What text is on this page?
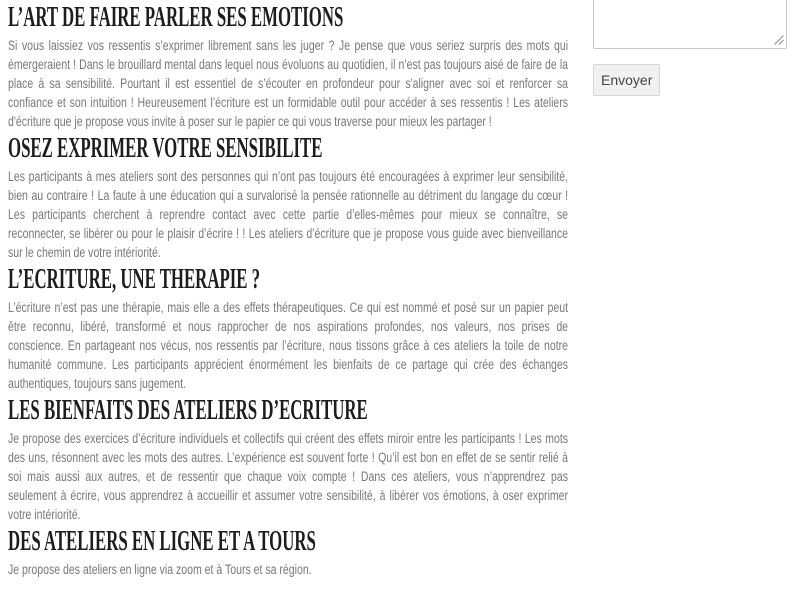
L’ART DE FAIRE PARLER SES EMOTIONS

Si vous laissiez vos ressentis s’exprimer librement sans les juger ? Je pense que vous seriez surpris des mots qui émergeraient ! Dans le brouillard mental dans lequel nous évoluons au quotidien, il n’est pas toujours aisé de faire de la place à sa sensibilité. Pourtant il est essentiel de s’écouter en profondeur pour s'aligner avec soi et renforcer sa confiance et son intuition ! Heureusement l’écriture est un formidable outil pour accéder à ses ressentis ! Les ateliers d'écriture que je propose vous invite à poser sur le papier ce qui vous traverse pour mieux les partager !

OSEZ EXPRIMER VOTRE SENSIBILITE

Les participants à mes ateliers sont des personnes qui n’ont pas toujours été encouragées à exprimer leur sensibilité, bien au contraire ! La faute à une éducation qui a survalorisé la pensée rationnelle au détriment du langage du cœur ! Les participants cherchent à reprendre contact avec cette partie d’elles-mêmes pour mieux se connaître, se reconnecter, se libérer ou pour le plaisir d’écrire ! ! Les ateliers d’écriture que je propose vous guide avec bienveillance sur le chemin de votre intériorité.

L’ECRITURE, UNE THERAPIE ?

L’écriture n’est pas une thérapie, mais elle a des effets thérapeutiques. Ce qui est nommé et posé sur un papier peut être reconnu, libéré, transformé et nous rapprocher de nos aspirations profondes, nos valeurs, nos prises de conscience. En partageant nos vécus, nos ressentis par l’écriture, nous tissons grâce à ces ateliers la toile de notre humanité commune. Les participants apprécient énormément les bienfaits de ce partage qui crée des échanges authentiques, toujours sans jugement.

LES BIENFAITS DES ATELIERS D’ECRITURE

Je propose des exercices d’écriture individuels et collectifs qui créent des effets miroir entre les participants ! Les mots des uns, résonnent avec les mots des autres. L’expérience est souvent forte ! Qu’il est bon en effet de se sentir relié à soi mais aussi aux autres, et de ressentir que chaque voix compte ! Dans ces ateliers, vous n’apprendrez pas seulement à écrire, vous apprendrez à accueillir et assumer votre sensibilité, à libérer vos émotions, à oser exprimer votre intériorité.

DES ATELIERS EN LIGNE ET A TOURS

Je propose des ateliers en ligne via zoom et à Tours et sa région.

Envoyer
